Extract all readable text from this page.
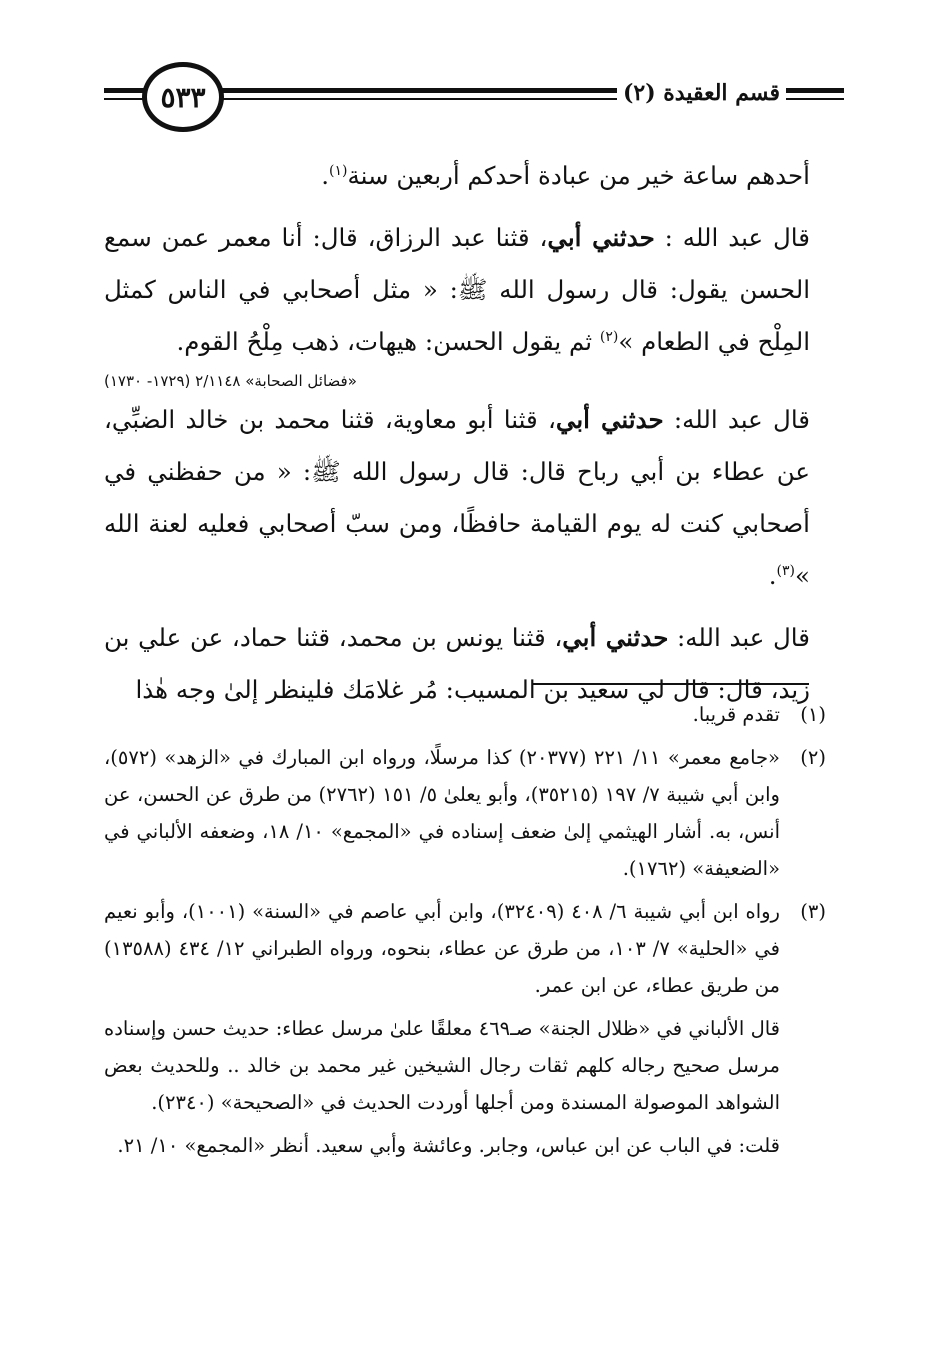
٥٣٣	قسم العقيدة (٢)

أحدهم ساعة خير من عبادة أحدكم أربعين سنة$^{(١)}$.

قال عبد الله : حدثني أبي، قثنا عبد الرزاق، قال: أنا معمر عمن سمع الحسن يقول: قال رسول الله ﷺ: « مثل أصحابي في الناس كمثل المِلْح في الطعام »$^{(٢)}$ ثم يقول الحسن: هيهات، ذهب مِلْحُ القوم.

«فضائل الصحابة» ٢/١١٤٨ (١٧٢٩- ١٧٣٠)

قال عبد الله: حدثني أبي، قثنا أبو معاوية، قثنا محمد بن خالد الضبِّي، عن عطاء بن أبي رباح قال: قال رسول الله ﷺ: « من حفظني في أصحابي كنت له يوم القيامة حافظًا، ومن سبّ أصحابي فعليه لعنة الله »$^{(٣)}$.

قال عبد الله: حدثني أبي، قثنا يونس بن محمد، قثنا حماد، عن علي بن زيد، قال: قال لي سعيد بن المسيب: مُر غلامَك فلينظر إلىٰ وجه هٰذا

(١)
تقدم قريبا.
(٢)
«جامع معمر» ١١/ ٢٢١ (٢٠٣٧٧) كذا مرسلًا، ورواه ابن المبارك في «الزهد» (٥٧٢)، وابن أبي شيبة ٧/ ١٩٧ (٣٥٢١٥)، وأبو يعلىٰ ٥/ ١٥١ (٢٧٦٢) من طرق عن الحسن، عن أنس، به. أشار الهيثمي إلىٰ ضعف إسناده في «المجمع» ١٠/ ١٨، وضعفه الألباني في «الضعيفة» (١٧٦٢).
(٣)
رواه ابن أبي شيبة ٦/ ٤٠٨ (٣٢٤٠٩)، وابن أبي عاصم في «السنة» (١٠٠١)، وأبو نعيم في «الحلية» ٧/ ١٠٣، من طرق عن عطاء، بنحوه، ورواه الطبراني ١٢/ ٤٣٤ (١٣٥٨٨) من طريق عطاء، عن ابن عمر.
قال الألباني في «ظلال الجنة» صـ٤٦٩ معلقًا علىٰ مرسل عطاء: حديث حسن وإسناده مرسل صحيح رجاله كلهم ثقات رجال الشيخين غير محمد بن خالد .. وللحديث بعض الشواهد الموصولة المسندة ومن أجلها أوردت الحديث في «الصحيحة» (٢٣٤٠).
قلت: في الباب عن ابن عباس، وجابر. وعائشة وأبي سعيد. أنظر «المجمع» ١٠/ ٢١.
